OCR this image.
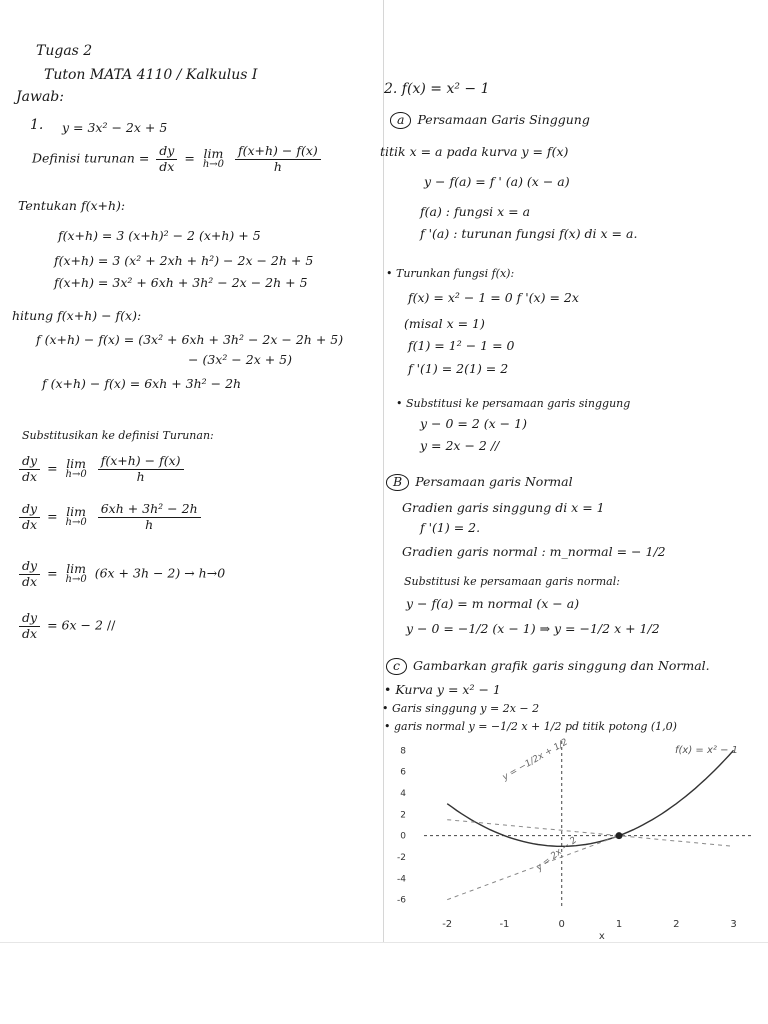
Tugas 2
Tuton MATA 4110 / Kalkulus I
Jawab:
1. y = 3x² − 2x + 5
Definisi turunan = $\frac{dy}{dx} = \lim$
h→0
$\frac{f(x+h) - f(x)}{h}$
Tentukan f(x+h):
f(x+h) = 3 (x+h)² − 2 (x+h) + 5
f(x+h) = 3 (x² + 2xh + h²) − 2x − 2h + 5
f(x+h) = 3x² + 6xh + 3h² − 2x − 2h + 5
hitung f(x+h) − f(x):
f (x+h) − f(x) = (3x² + 6xh + 3h² − 2x − 2h + 5)
− (3x² − 2x + 5)
f (x+h) − f(x) = 6xh + 3h² − 2h
Substitusikan ke definisi Turunan:
$\frac{dy}{dx} = \lim$
h→0
$\frac{f(x+h) - f(x)}{h}$
$\frac{dy}{dx} = \lim$
h→0
$\frac{\text{6xh + 3h² − 2h}}{h}$
$\frac{dy}{dx} = \lim$
h→0 (6x + 3h − 2) → h→0
$\frac{dy}{dx} = 6x - 2$ //
2. f(x) = x² − 1
a Persamaan Garis Singgung
titik x = a pada kurva y = f(x)
y − f(a) = f ' (a) (x − a)
f(a) : fungsi x = a
f '(a) : turunan fungsi f(x) di x = a.
• Turunkan fungsi f(x):
f(x) = x² − 1 = 0 f '(x) = 2x
(misal x = 1)
f(1) = 1² − 1 = 0
f '(1) = 2(1) = 2
• Substitusi ke persamaan garis singgung
y − 0 = 2 (x − 1)
y = 2x − 2 //
B Persamaan garis Normal
Gradien garis singgung di x = 1
f '(1) = 2.
Gradien garis normal : m_normal = − 1/2
Substitusi ke persamaan garis normal:
y − f(a) = m normal (x − a)
y − 0 = −1/2 (x − 1) ⇒ y = −1/2 x + 1/2
c Gambarkan grafik garis singgung dan Normal.
• Kurva y = x² − 1
• Garis singgung y = 2x − 2
• garis normal y = −1/2 x + 1/2 pd titik potong (1,0)
-2	-1	0	1	2	3
8
6
4
2
0
-2
-4
-6
x
f(x) = x² − 1
y = 2x − 2
y = −1/2x + 1/2
